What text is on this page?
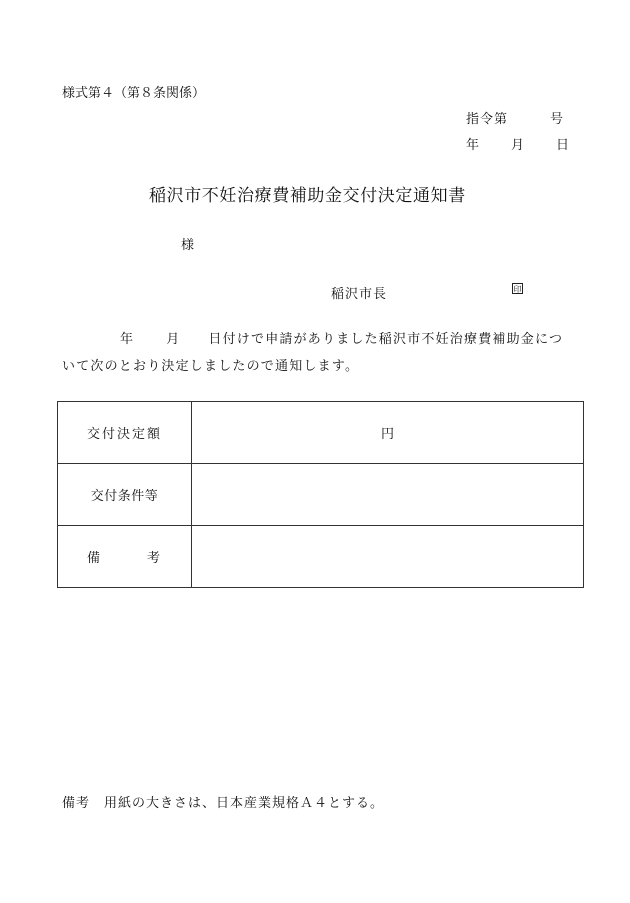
様式第４（第８条関係）
指令第　　　号
年　　月　　日
稲沢市不妊治療費補助金交付決定通知書
様
稲沢市長	印
年 月 日付けで申請がありました稲沢市不妊治療費補助金につ
いて次のとおり決定しましたので通知します。
交付決定額	円
交付条件等	
備 考	
備考　用紙の大きさは、日本産業規格Ａ４とする。
